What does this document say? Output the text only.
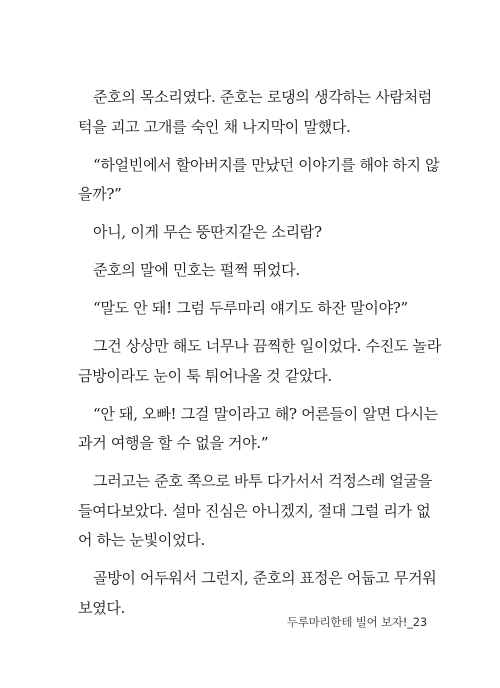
준호의 목소리였다. 준호는 로댕의 생각하는 사람처럼
턱을 괴고 고개를 숙인 채 나지막이 말했다.

“하얼빈에서 할아버지를 만났던 이야기를 해야 하지 않
을까?”

아니, 이게 무슨 뚱딴지같은 소리람?

준호의 말에 민호는 펄쩍 뛰었다.

“말도 안 돼! 그럼 두루마리 얘기도 하잔 말이야?”

그건 상상만 해도 너무나 끔찍한 일이었다. 수진도 놀라
금방이라도 눈이 툭 튀어나올 것 같았다.

“안 돼, 오빠! 그걸 말이라고 해? 어른들이 알면 다시는
과거 여행을 할 수 없을 거야.”

그러고는 준호 쪽으로 바투 다가서서 걱정스레 얼굴을
들여다보았다. 설마 진심은 아니겠지, 절대 그럴 리가 없
어 하는 눈빛이었다.

골방이 어두워서 그런지, 준호의 표정은 어둡고 무거워
보였다.

두루마리한테 빌어 보자!_23
